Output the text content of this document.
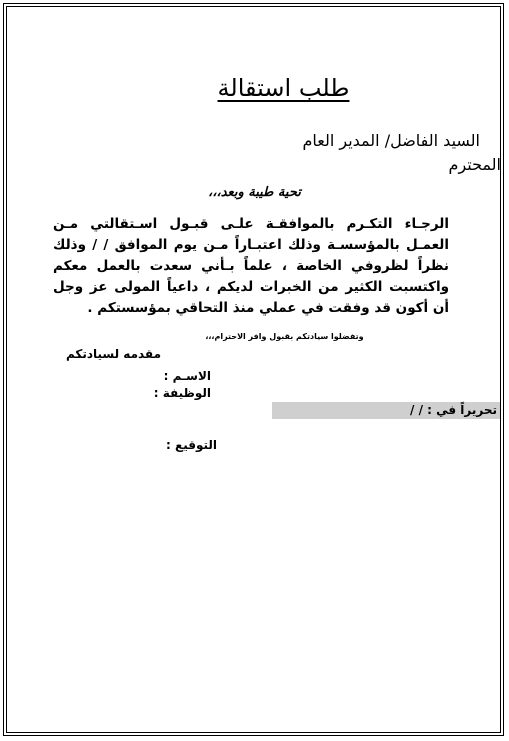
طلب استقالة
السيد الفاضل/ المدير العام
المحترم
تحية طيبة وبعد،،،
الرجـاء التكـرم بالموافقـة علـى قبـول اسـتقالتي مـن العمـل بالمؤسسـة وذلك اعتبـاراً مـن يوم الموافق / / وذلك نظراً لظروفي الخاصة ، علماً بـأني سعدت بالعمل معكم واكتسبت الكثير من الخبرات لديكم ، داعياً المولى عز وجل أن أكون قد وفقت في عملي منذ التحاقي بمؤسستكم .
وتفضلوا سيادتكم بقبول وافر الاحترام،،،
مقدمه لسيادتكم
الاسـم :
الوظيفة :
تحريراً في : / /
التوقيع :
